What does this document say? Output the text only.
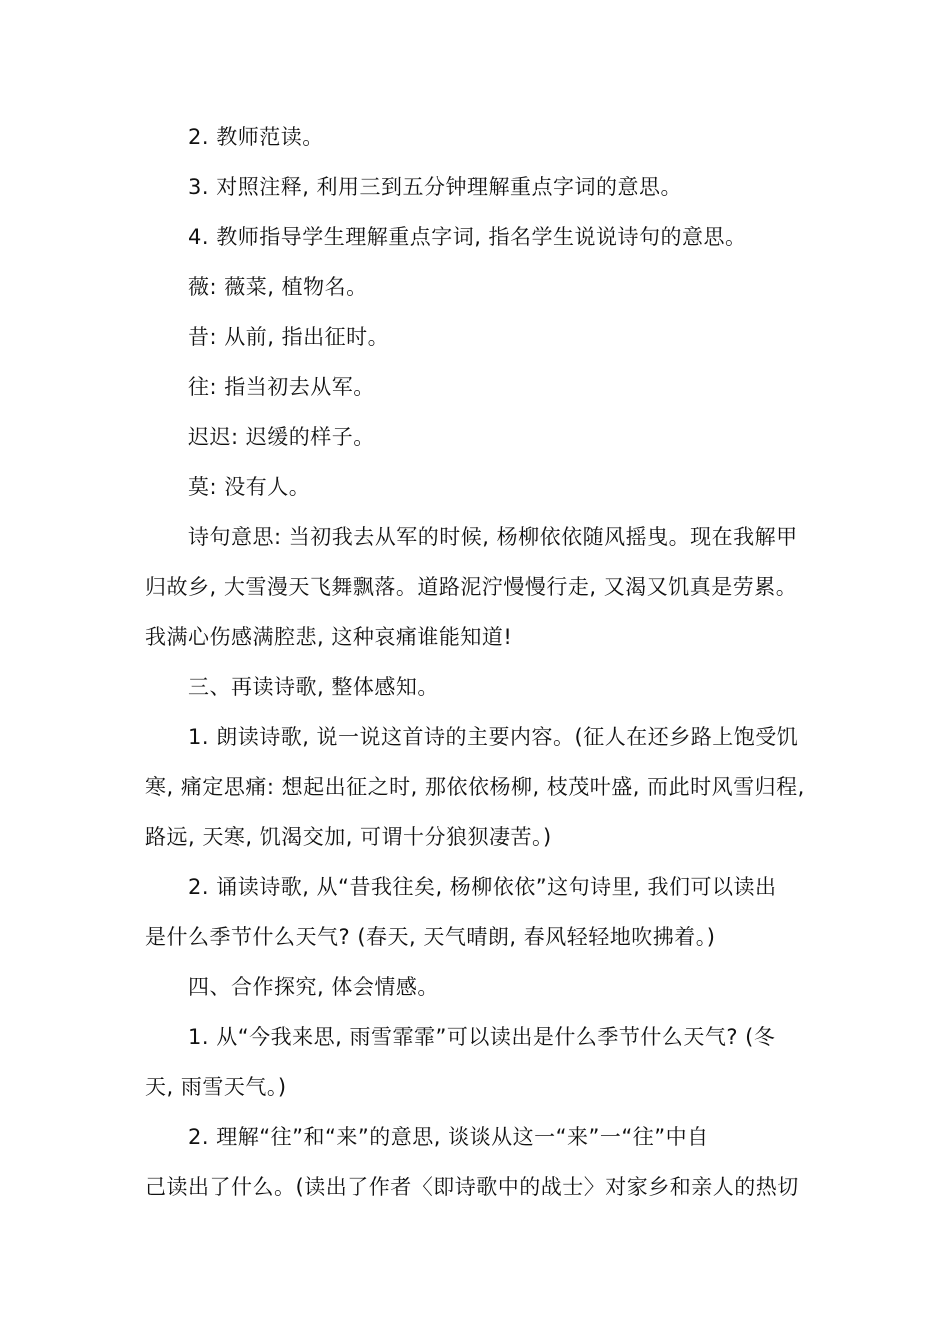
2. 教师范读。
3. 对照注释, 利用三到五分钟理解重点字词的意思。
4. 教师指导学生理解重点字词, 指名学生说说诗句的意思。
薇: 薇菜, 植物名。
昔: 从前, 指出征时。
往: 指当初去从军。
迟迟: 迟缓的样子。
莫: 没有人。
诗句意思: 当初我去从军的时候, 杨柳依依随风摇曳。现在我解甲
归故乡, 大雪漫天飞舞飘落。道路泥泞慢慢行走, 又渴又饥真是劳累。
我满心伤感满腔悲, 这种哀痛谁能知道!
三、再读诗歌, 整体感知。
1. 朗读诗歌, 说一说这首诗的主要内容。(征人在还乡路上饱受饥
寒, 痛定思痛: 想起出征之时, 那依依杨柳, 枝茂叶盛, 而此时风雪归程,
路远, 天寒, 饥渴交加, 可谓十分狼狈凄苦。)
2. 诵读诗歌, 从“昔我往矣, 杨柳依依”这句诗里, 我们可以读出
是什么季节什么天气? (春天, 天气晴朗, 春风轻轻地吹拂着。)
四、合作探究, 体会情感。
1. 从“今我来思, 雨雪霏霏”可以读出是什么季节什么天气? (冬
天, 雨雪天气。)
2. 理解“往”和“来”的意思, 谈谈从这一“来”一“往”中自
己读出了什么。(读出了作者〈即诗歌中的战士〉对家乡和亲人的热切
